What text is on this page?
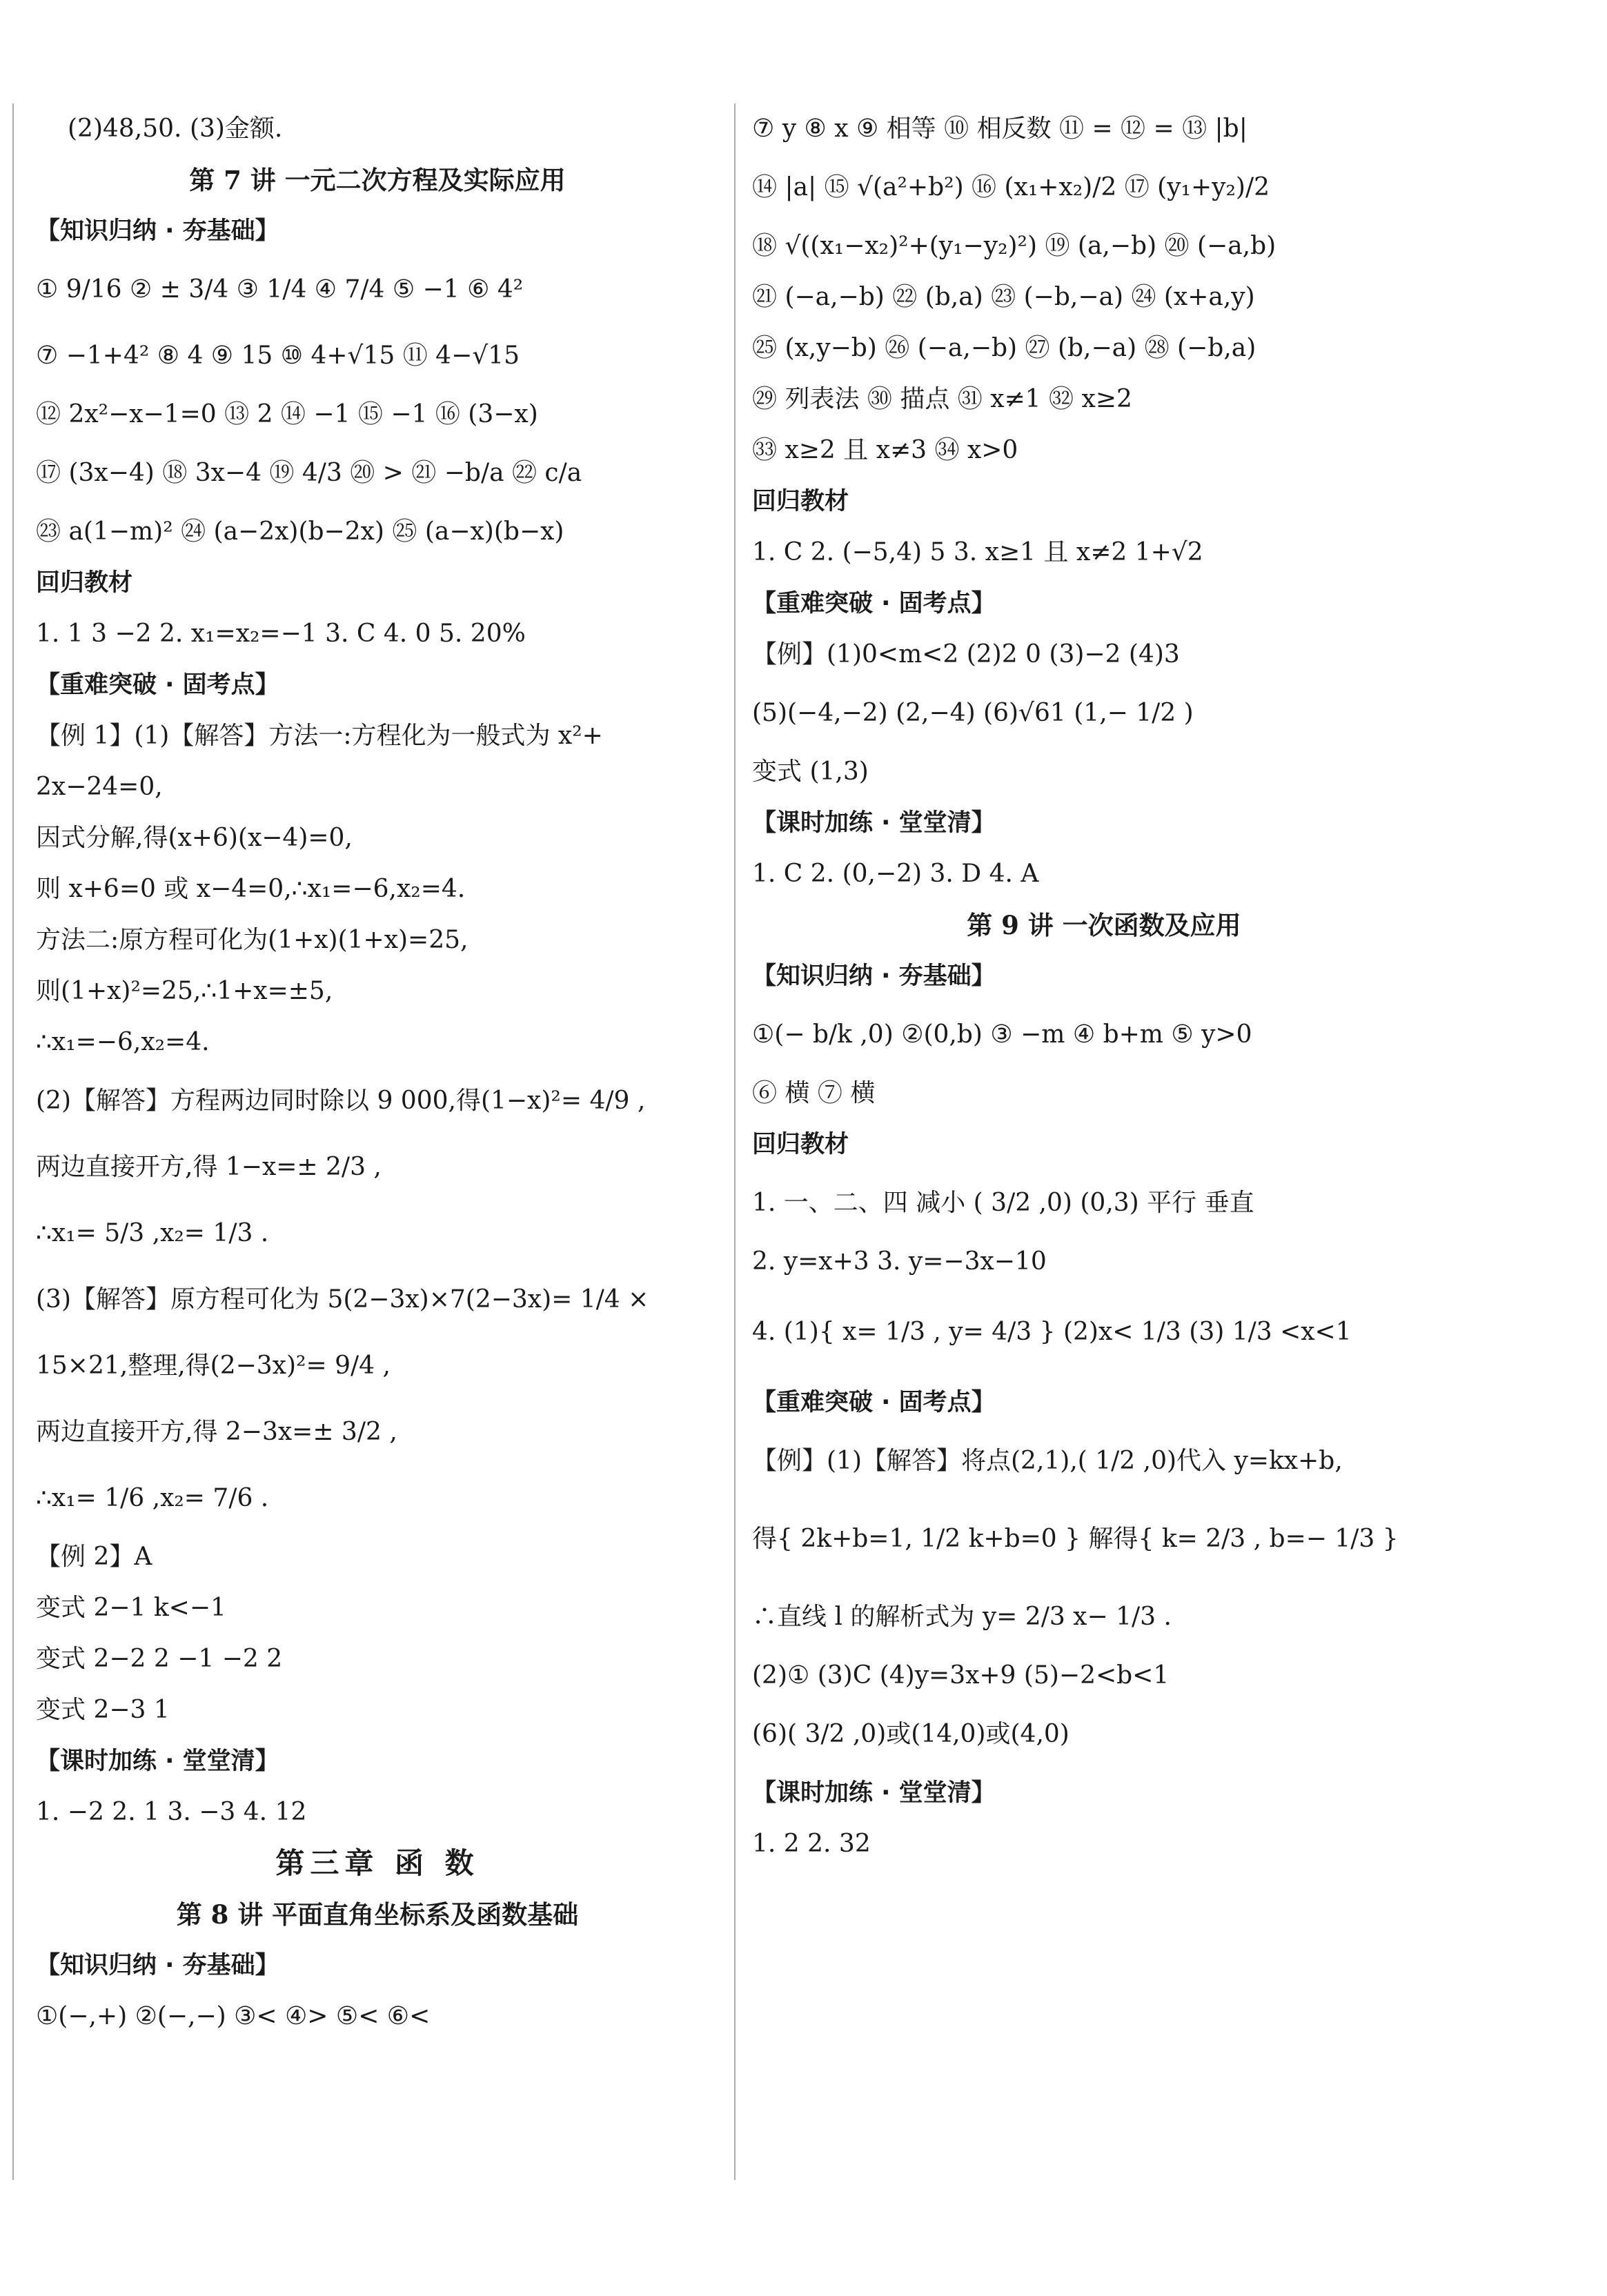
(2)48,50. (3)金额.
第 7 讲 一元二次方程及实际应用
【知识归纳 · 夯基础】
① 9/16 ② ± 3/4 ③ 1/4 ④ 7/4 ⑤ −1 ⑥ 4²
⑦ −1+4² ⑧ 4 ⑨ 15 ⑩ 4+√15 ⑪ 4−√15
⑫ 2x²−x−1=0 ⑬ 2 ⑭ −1 ⑮ −1 ⑯ (3−x)
⑰ (3x−4) ⑱ 3x−4 ⑲ 4/3 ⑳ > ㉑ −b/a ㉒ c/a
㉓ a(1−m)² ㉔ (a−2x)(b−2x) ㉕ (a−x)(b−x)
回归教材
1. 1 3 −2 2. x₁=x₂=−1 3. C 4. 0 5. 20%
【重难突破 · 固考点】
【例 1】(1)【解答】方法一:方程化为一般式为 x²+
2x−24=0,
因式分解,得(x+6)(x−4)=0,
则 x+6=0 或 x−4=0,∴x₁=−6,x₂=4.
方法二:原方程可化为(1+x)(1+x)=25,
则(1+x)²=25,∴1+x=±5,
∴x₁=−6,x₂=4.
(2)【解答】方程两边同时除以 9 000,得(1−x)²= 4/9 ,
两边直接开方,得 1−x=± 2/3 ,
∴x₁= 5/3 ,x₂= 1/3 .
(3)【解答】原方程可化为 5(2−3x)×7(2−3x)= 1/4 ×
15×21,整理,得(2−3x)²= 9/4 ,
两边直接开方,得 2−3x=± 3/2 ,
∴x₁= 1/6 ,x₂= 7/6 .
【例 2】A
变式 2−1 k<−1
变式 2−2 2 −1 −2 2
变式 2−3 1
【课时加练 · 堂堂清】
1. −2 2. 1 3. −3 4. 12
第三章 函 数
第 8 讲 平面直角坐标系及函数基础
【知识归纳 · 夯基础】
①(−,+) ②(−,−) ③< ④> ⑤< ⑥<
⑦ y ⑧ x ⑨ 相等 ⑩ 相反数 ⑪ = ⑫ = ⑬ |b|
⑭ |a| ⑮ √(a²+b²) ⑯ (x₁+x₂)/2 ⑰ (y₁+y₂)/2
⑱ √((x₁−x₂)²+(y₁−y₂)²) ⑲ (a,−b) ⑳ (−a,b)
㉑ (−a,−b) ㉒ (b,a) ㉓ (−b,−a) ㉔ (x+a,y)
㉕ (x,y−b) ㉖ (−a,−b) ㉗ (b,−a) ㉘ (−b,a)
㉙ 列表法 ㉚ 描点 ㉛ x≠1 ㉜ x≥2
㉝ x≥2 且 x≠3 ㉞ x>0
回归教材
1. C 2. (−5,4) 5 3. x≥1 且 x≠2 1+√2
【重难突破 · 固考点】
【例】(1)0<m<2 (2)2 0 (3)−2 (4)3
(5)(−4,−2) (2,−4) (6)√61 (1,− 1/2 )
变式 (1,3)
【课时加练 · 堂堂清】
1. C 2. (0,−2) 3. D 4. A
第 9 讲 一次函数及应用
【知识归纳 · 夯基础】
①(− b/k ,0) ②(0,b) ③ −m ④ b+m ⑤ y>0
⑥ 横 ⑦ 横
回归教材
1. 一、二、四 减小 ( 3/2 ,0) (0,3) 平行 垂直
2. y=x+3 3. y=−3x−10
4. (1){ x= 1/3 , y= 4/3 } (2)x< 1/3 (3) 1/3 <x<1
【重难突破 · 固考点】
【例】(1)【解答】将点(2,1),( 1/2 ,0)代入 y=kx+b,
得{ 2k+b=1, 1/2 k+b=0 } 解得{ k= 2/3 , b=− 1/3 }
∴直线 l 的解析式为 y= 2/3 x− 1/3 .
(2)① (3)C (4)y=3x+9 (5)−2<b<1
(6)( 3/2 ,0)或(14,0)或(4,0)
【课时加练 · 堂堂清】
1. 2 2. 32
